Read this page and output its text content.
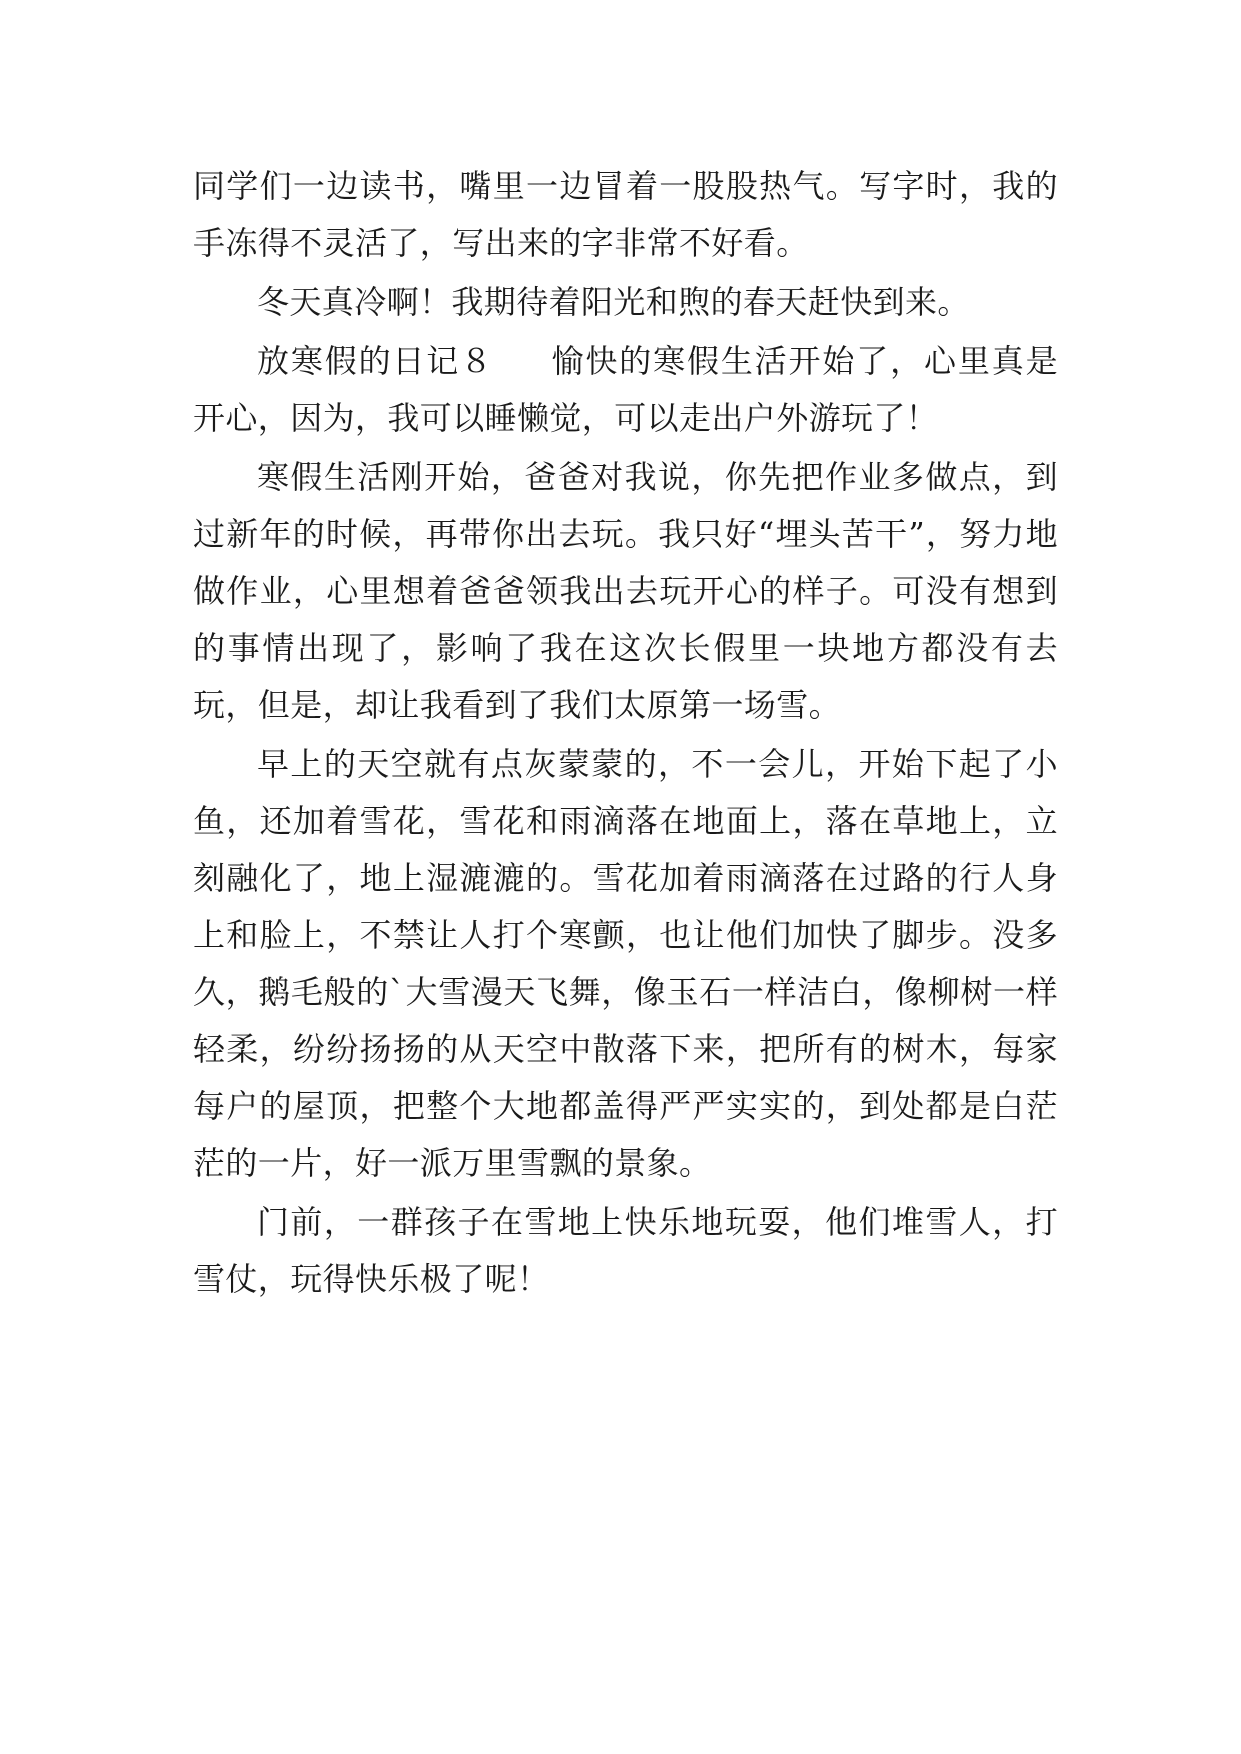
同学们一边读书，嘴里一边冒着一股股热气。写字时，我的手冻得不灵活了，写出来的字非常不好看。

冬天真冷啊！我期待着阳光和煦的春天赶快到来。

放寒假的日记８ 愉快的寒假生活开始了，心里真是开心，因为，我可以睡懒觉，可以走出户外游玩了！

寒假生活刚开始，爸爸对我说，你先把作业多做点，到过新年的时候，再带你出去玩。我只好“埋头苦干”，努力地做作业，心里想着爸爸领我出去玩开心的样子。可没有想到的事情出现了，影响了我在这次长假里一块地方都没有去玩，但是，却让我看到了我们太原第一场雪。

早上的天空就有点灰蒙蒙的，不一会儿，开始下起了小鱼，还加着雪花，雪花和雨滴落在地面上，落在草地上，立刻融化了，地上湿漉漉的。雪花加着雨滴落在过路的行人身上和脸上，不禁让人打个寒颤，也让他们加快了脚步。没多久，鹅毛般的`大雪漫天飞舞，像玉石一样洁白，像柳树一样轻柔，纷纷扬扬的从天空中散落下来，把所有的树木，每家每户的屋顶，把整个大地都盖得严严实实的，到处都是白茫茫的一片，好一派万里雪飘的景象。

门前，一群孩子在雪地上快乐地玩耍，他们堆雪人，打雪仗，玩得快乐极了呢！
